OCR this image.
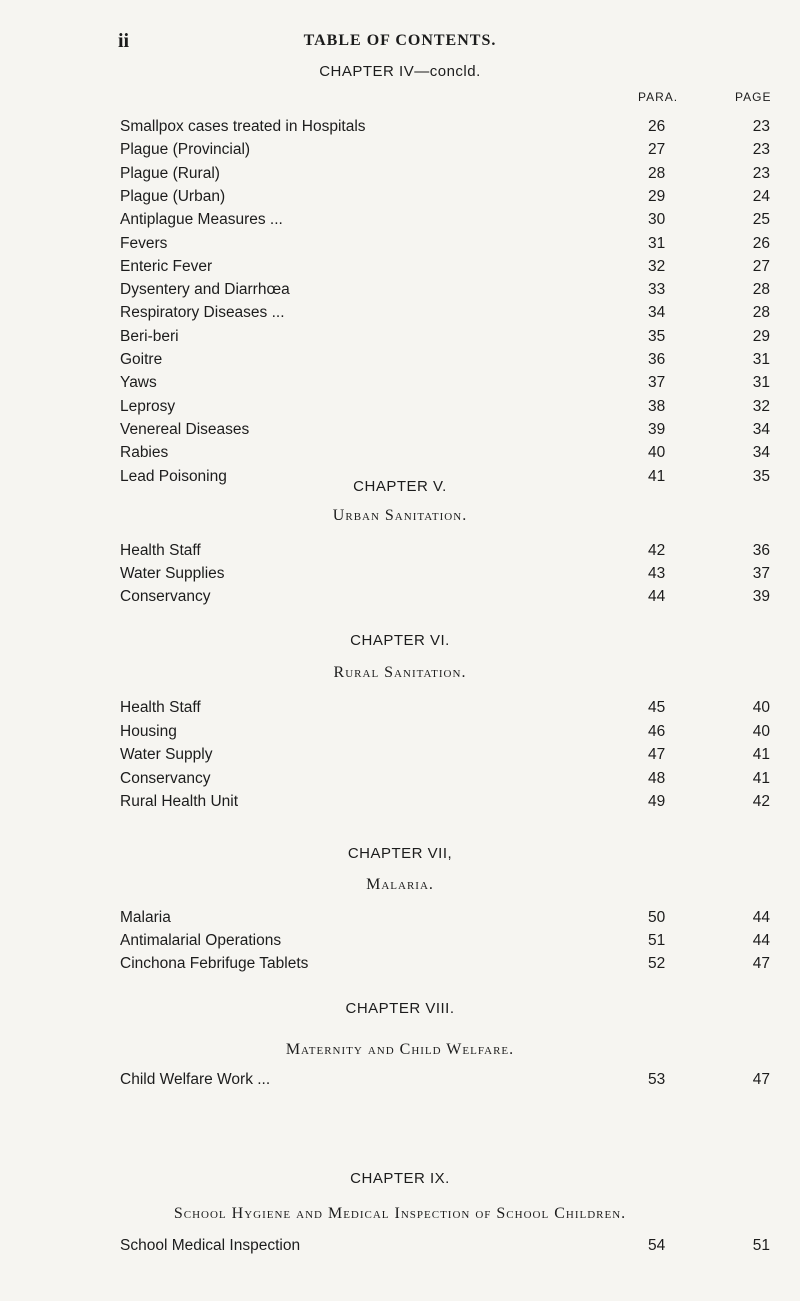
ii	TABLE OF CONTENTS.
CHAPTER IV—concld.
PARA.	PAGE
Smallpox cases treated in Hospitals	26	23
Plague (Provincial)	27	23
Plague (Rural)	28	23
Plague (Urban)	29	24
Antiplague Measures ...	30	25
Fevers	31	26
Enteric Fever	32	27
Dysentery and Diarrhœa	33	28
Respiratory Diseases ...	34	28
Beri-beri	35	29
Goitre	36	31
Yaws	37	31
Leprosy	38	32
Venereal Diseases	39	34
Rabies	40	34
Lead Poisoning	41	35
CHAPTER V.
Urban Sanitation.
Health Staff	42	36
Water Supplies	43	37
Conservancy	44	39
CHAPTER VI.
Rural Sanitation.
Health Staff	45	40
Housing	46	40
Water Supply	47	41
Conservancy	48	41
Rural Health Unit	49	42
CHAPTER VII,
Malaria.
Malaria	50	44
Antimalarial Operations	51	44
Cinchona Febrifuge Tablets	52	47
CHAPTER VIII.
Maternity and Child Welfare.
Child Welfare Work ...	53	47
CHAPTER IX.
School Hygiene and Medical Inspection of School Children.
School Medical Inspection	54	51
